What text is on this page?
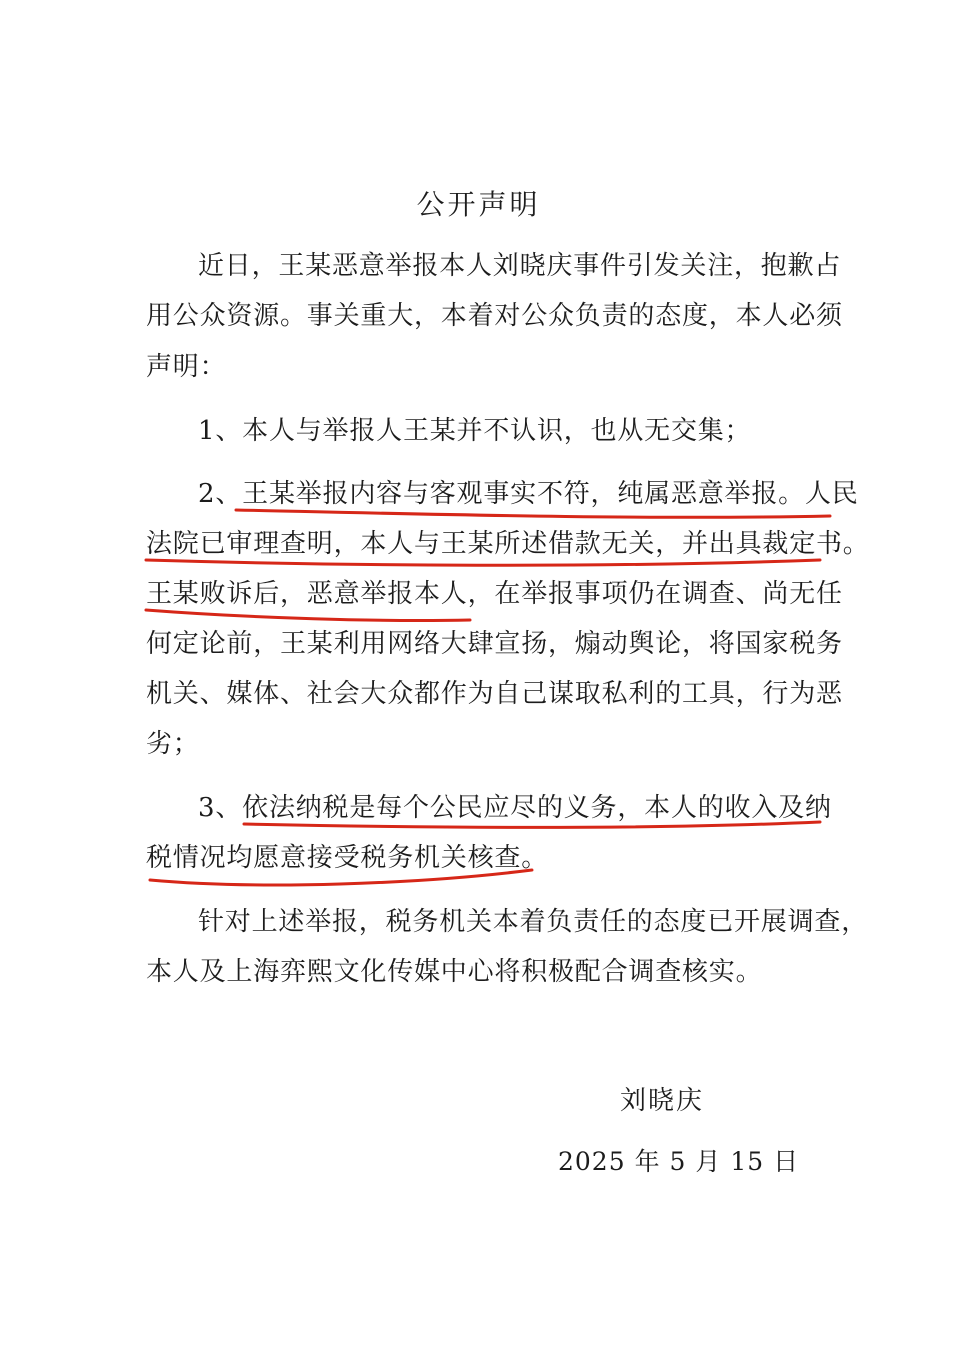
公开声明
近日，王某恶意举报本人刘晓庆事件引发关注，抱歉占
用公众资源。事关重大，本着对公众负责的态度，本人必须
声明：
1、本人与举报人王某并不认识，也从无交集；
2、王某举报内容与客观事实不符，纯属恶意举报。人民
法院已审理查明，本人与王某所述借款无关，并出具裁定书。
王某败诉后，恶意举报本人，在举报事项仍在调查、尚无任
何定论前，王某利用网络大肆宣扬，煽动舆论，将国家税务
机关、媒体、社会大众都作为自己谋取私利的工具，行为恶
劣；
3、依法纳税是每个公民应尽的义务，本人的收入及纳
税情况均愿意接受税务机关核查。
针对上述举报，税务机关本着负责任的态度已开展调查，
本人及上海弈熙文化传媒中心将积极配合调查核实。
刘晓庆
2025 年 5 月 15 日
